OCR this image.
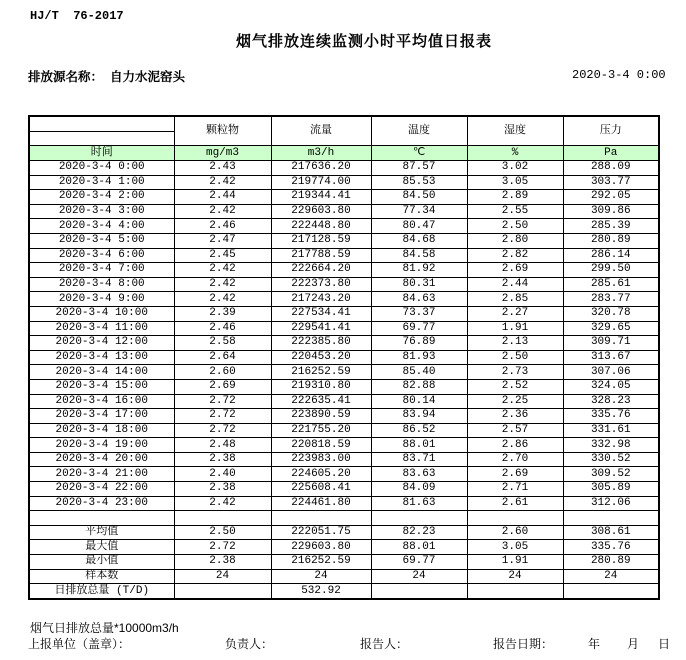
HJ/T  76-2017
烟气排放连续监测小时平均值日报表
排放源名称： 自力水泥窑头	2020-3-4 0:00
	颗粒物	流量	温度	湿度	压力

时间	mg/m3	m3/h	℃	%	Pa
2020-3-4 0:00	2.43	217636.20	87.57	3.02	288.09
2020-3-4 1:00	2.42	219774.00	85.53	3.05	303.77
2020-3-4 2:00	2.44	219344.41	84.50	2.89	292.05
2020-3-4 3:00	2.42	229603.80	77.34	2.55	309.86
2020-3-4 4:00	2.46	222448.80	80.47	2.50	285.39
2020-3-4 5:00	2.47	217128.59	84.68	2.80	280.89
2020-3-4 6:00	2.45	217788.59	84.58	2.82	286.14
2020-3-4 7:00	2.42	222664.20	81.92	2.69	299.50
2020-3-4 8:00	2.42	222373.80	80.31	2.44	285.61
2020-3-4 9:00	2.42	217243.20	84.63	2.85	283.77
2020-3-4 10:00	2.39	227534.41	73.37	2.27	320.78
2020-3-4 11:00	2.46	229541.41	69.77	1.91	329.65
2020-3-4 12:00	2.58	222385.80	76.89	2.13	309.71
2020-3-4 13:00	2.64	220453.20	81.93	2.50	313.67
2020-3-4 14:00	2.60	216252.59	85.40	2.73	307.06
2020-3-4 15:00	2.69	219310.80	82.88	2.52	324.05
2020-3-4 16:00	2.72	222635.41	80.14	2.25	328.23
2020-3-4 17:00	2.72	223890.59	83.94	2.36	335.76
2020-3-4 18:00	2.72	221755.20	86.52	2.57	331.61
2020-3-4 19:00	2.48	220818.59	88.01	2.86	332.98
2020-3-4 20:00	2.38	223983.00	83.71	2.70	330.52
2020-3-4 21:00	2.40	224605.20	83.63	2.69	309.52
2020-3-4 22:00	2.38	225608.41	84.09	2.71	305.89
2020-3-4 23:00	2.42	224461.80	81.63	2.61	312.06

平均值	2.50	222051.75	82.23	2.60	308.61
最大值	2.72	229603.80	88.01	3.05	335.76
最小值	2.38	216252.59	69.77	1.91	280.89
样本数	24	24	24	24	24
日排放总量 (T/D)		532.92			
烟气日排放总量*10000m3/h
上报单位（盖章）：	负责人：	报告人：	报告日期：	年 月 日
